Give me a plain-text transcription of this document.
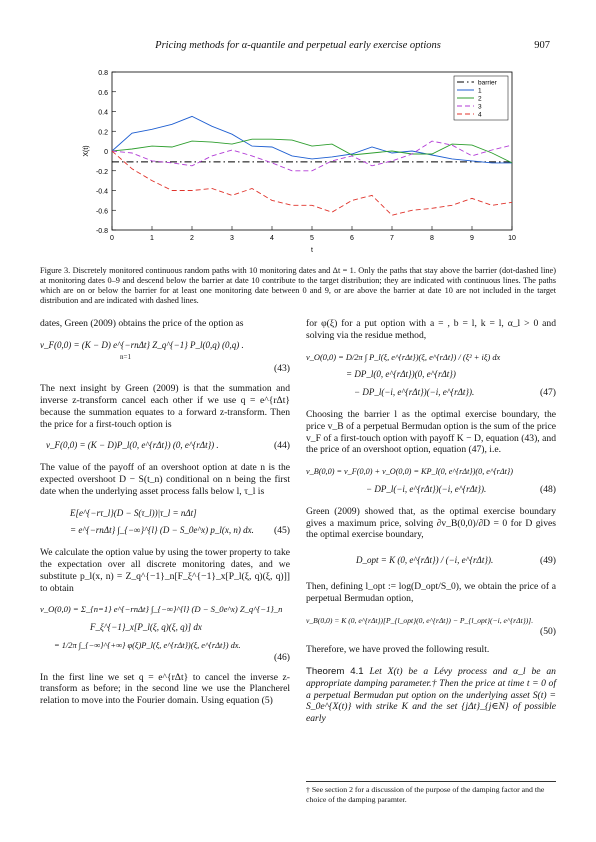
Pricing methods for α-quantile and perpetual early exercise options	907
0.8
0.6
0.4
0.2
0
-0.2
-0.4
-0.6
-0.8
0	1	2	3	4	5	6	7	8	9	10
t
X(t)
barrier
1
2
3
4
Figure 3. Discretely monitored continuous random paths with 10 monitoring dates and Δt = 1. Only the paths that stay above the barrier (dot-dashed line) at monitoring dates 0–9 and descend below the barrier at date 10 contribute to the target distribution; they are indicated with continuous lines. The paths which are on or below the barrier for at least one monitoring date between 0 and 9, or are above the barrier at date 10 are not included in the target distribution and are indicated with dashed lines.

dates, Green (2009) obtains the price of the option as

v_F(0,0) = (K − D) e^{−rnΔt} Z_q^{−1} P_l(0,q) (0,q) .
n=1
(43)

The next insight by Green (2009) is that the summation and inverse z-transform cancel each other if we use q = e^{rΔt} because the summation equates to a forward z-transform. Then the price for a first-touch option is

v_F(0,0) = (K − D)P_l(0, e^{rΔt}) (0, e^{rΔt}) .	(44)

The value of the payoff of an overshoot option at date n is the expected overshoot D − S(t_n) conditional on n being the first date when the underlying asset process falls below l, τ_l is

E[e^{−rτ_l}(D − S(τ_l))|τ_l = nΔt]
= e^{−rnΔt} ∫_{−∞}^{l} (D − S_0e^x) p_l(x, n) dx. (45)

We calculate the option value by using the tower property to take the expectation over all discrete monitoring dates, and we substitute p_l(x, n) = Z_q^{−1}_n[F_ξ^{−1}_x[P_l(ξ, q)(ξ, q)]] to obtain

v_O(0,0) = Σ_{n=1} e^{−rnΔt} ∫_{−∞}^{l} (D − S_0e^x) Z_q^{−1}_n
F_ξ^{−1}_x[P_l(ξ, q)(ξ, q)] dx
= 1/2π ∫_{−∞}^{+∞} φ(ξ)P_l(ξ, e^{rΔt})(ξ, e^{rΔt}) dx.
(46)

In the first line we set q = e^{rΔt} to cancel the inverse z-transform as before; in the second line we use the Plancherel relation to move into the Fourier domain. Using equation (5)

for φ(ξ) for a put option with a = , b = l, k = l, α_l > 0 and solving via the residue method,

v_O(0,0) = D/2π ∫ P_l(ξ, e^{rΔt})(ξ, e^{rΔt}) / (ξ² + iξ) dx
= DP_l(0, e^{rΔt})(0, e^{rΔt})
− DP_l(−i, e^{rΔt})(−i, e^{rΔt}).	(47)

Choosing the barrier l as the optimal exercise boundary, the price v_B of a perpetual Bermudan option is the sum of the price v_F of a first-touch option with payoff K − D, equation (43), and the price of an overshoot option, equation (47), i.e.

v_B(0,0) = v_F(0,0) + v_O(0,0) = KP_l(0, e^{rΔt})(0, e^{rΔt})
− DP_l(−i, e^{rΔt})(−i, e^{rΔt}).	(48)

Green (2009) showed that, as the optimal exercise boundary gives a maximum price, solving ∂v_B(0,0)/∂D = 0 for D gives the optimal exercise boundary,

D_opt = K (0, e^{rΔt}) / (−i, e^{rΔt}).	(49)

Then, defining l_opt := log(D_opt/S_0), we obtain the price of a perpetual Bermudan option,

v_B(0,0) = K (0, e^{rΔt})[P_{l_opt}(0, e^{rΔt}) − P_{l_opt}(−i, e^{rΔt})].
(50)

Therefore, we have proved the following result.

Theorem 4.1 Let X(t) be a Lévy process and α_l be an appropriate damping parameter.† Then the price at time t = 0 of a perpetual Bermudan put option on the underlying asset S(t) = S_0e^{X(t)} with strike K and the set {jΔt}_{j∈N} of possible early

† See section 2 for a discussion of the purpose of the damping factor and the choice of the damping paramter.
